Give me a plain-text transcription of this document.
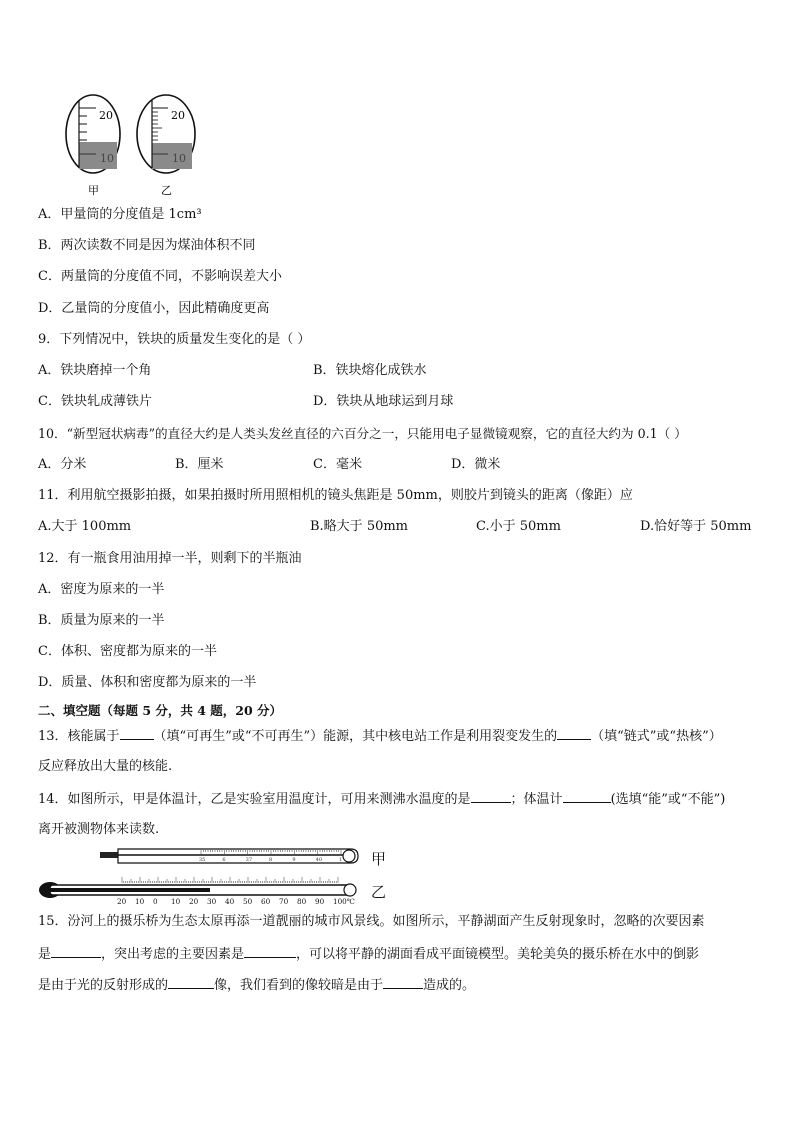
20
10
甲
20
10
乙
A．甲量筒的分度值是 1cm³
B．两次读数不同是因为煤油体积不同
C．两量筒的分度值不同，不影响误差大小
D．乙量筒的分度值小，因此精确度更高
9．下列情况中，铁块的质量发生变化的是（ ）
A．铁块磨掉一个角	B．铁块熔化成铁水
C．铁块轧成薄铁片	D．铁块从地球运到月球
10．“新型冠状病毒”的直径大约是人类头发丝直径的六百分之一，只能用电子显微镜观察，它的直径大约为 0.1（ ）
A．分米	B．厘米	C．毫米	D．微米
11．利用航空摄影拍摄，如果拍摄时所用照相机的镜头焦距是 50mm，则胶片到镜头的距离（像距）应
A.大于 100mm	B.略大于 50mm	C.小于 50mm	D.恰好等于 50mm
12．有一瓶食用油用掉一半，则剩下的半瓶油
A．密度为原来的一半
B．质量为原来的一半
C．体积、密度都为原来的一半
D．质量、体积和密度都为原来的一半
二、填空题（每题 5 分，共 4 题，20 分）
13．核能属于	（填“可再生”或“不可再生”）能源，其中核电站工作是利用裂变发生的	（填“链式”或“热核”）
反应释放出大量的核能.
14．如图所示，甲是体温计，乙是实验室用温度计，可用来测沸水温度的是	；体温计	(选填“能”或“不能”)
离开被测物体来读数.
35	6	37	8	9	40	1
20 10 0 10 20 30 40 50 60 70 80 90 100℃
甲
乙
15．汾河上的摄乐桥为生态太原再添一道靓丽的城市风景线。如图所示，平静湖面产生反射现象时，忽略的次要因素
是	，突出考虑的主要因素是	，可以将平静的湖面看成平面镜模型。美轮美奂的摄乐桥在水中的倒影
是由于光的反射形成的	像，我们看到的像较暗是由于	造成的。
